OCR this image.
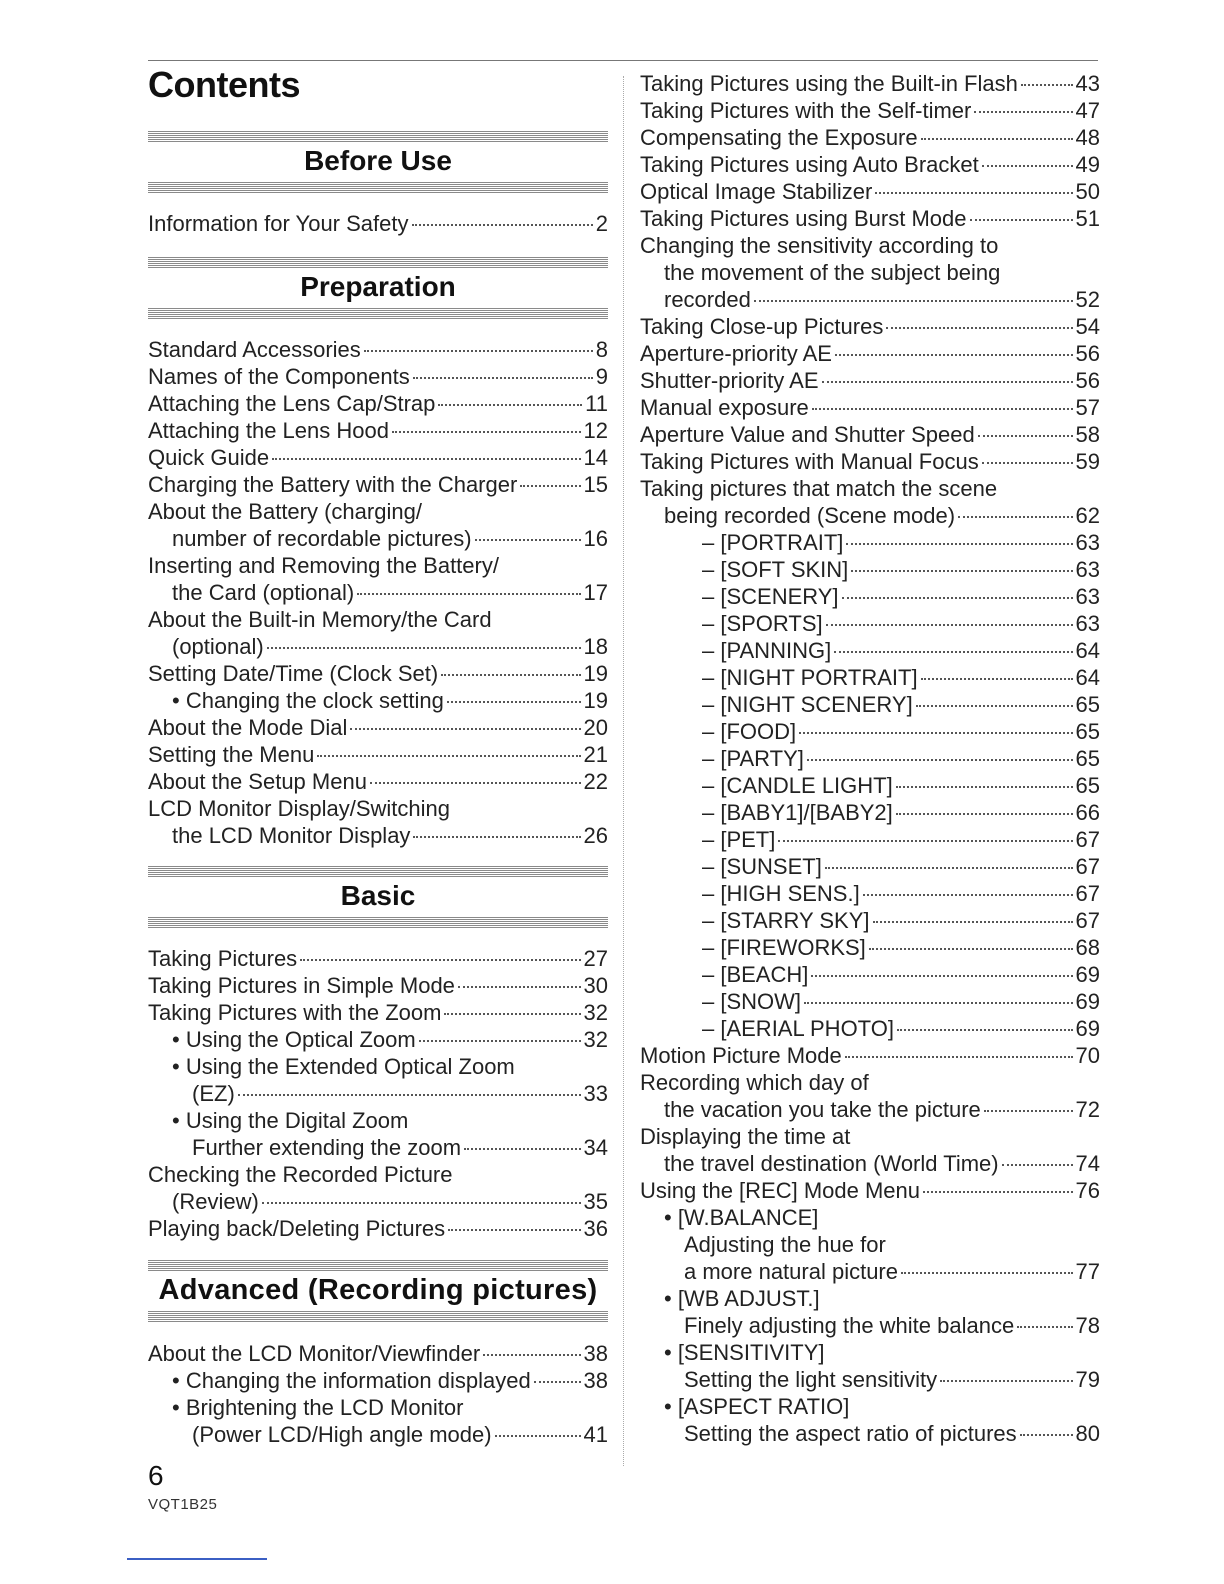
Contents
Before Use
Information for Your Safety	2
Preparation
Standard Accessories	8
Names of the Components	9
Attaching the Lens Cap/Strap	11
Attaching the Lens Hood	12
Quick Guide	14
Charging the Battery with the Charger	15
About the Battery (charging/
number of recordable pictures)	16
Inserting and Removing the Battery/
the Card (optional)	17
About the Built-in Memory/the Card
(optional)	18
Setting Date/Time (Clock Set)	19
• Changing the clock setting	19
About the Mode Dial	20
Setting the Menu	21
About the Setup Menu	22
LCD Monitor Display/Switching
the LCD Monitor Display	26
Basic
Taking Pictures	27
Taking Pictures in Simple Mode	30
Taking Pictures with the Zoom	32
• Using the Optical Zoom	32
• Using the Extended Optical Zoom
(EZ)	33
• Using the Digital Zoom
Further extending the zoom	34
Checking the Recorded Picture
(Review)	35
Playing back/Deleting Pictures	36
Advanced (Recording pictures)
About the LCD Monitor/Viewfinder	38
• Changing the information displayed 38
• Brightening the LCD Monitor
(Power LCD/High angle mode)	41
Taking Pictures using the Built-in Flash	43
Taking Pictures with the Self-timer	47
Compensating the Exposure	48
Taking Pictures using Auto Bracket	49
Optical Image Stabilizer	50
Taking Pictures using Burst Mode	51
Changing the sensitivity according to
the movement of the subject being
recorded	52
Taking Close-up Pictures	54
Aperture-priority AE	56
Shutter-priority AE	56
Manual exposure	57
Aperture Value and Shutter Speed	58
Taking Pictures with Manual Focus	59
Taking pictures that match the scene
being recorded (Scene mode)	62
– [PORTRAIT]	63
– [SOFT SKIN]	63
– [SCENERY]	63
– [SPORTS]	63
– [PANNING]	64
– [NIGHT PORTRAIT]	64
– [NIGHT SCENERY]	65
– [FOOD]	65
– [PARTY]	65
– [CANDLE LIGHT]	65
– [BABY1]/[BABY2]	66
– [PET]	67
– [SUNSET]	67
– [HIGH SENS.]	67
– [STARRY SKY]	67
– [FIREWORKS]	68
– [BEACH]	69
– [SNOW]	69
– [AERIAL PHOTO]	69
Motion Picture Mode	70
Recording which day of
the vacation you take the picture	72
Displaying the time at
the travel destination (World Time)	74
Using the [REC] Mode Menu	76
• [W.BALANCE]
Adjusting the hue for
a more natural picture	77
• [WB ADJUST.]
Finely adjusting the white balance	78
• [SENSITIVITY]
Setting the light sensitivity	79
• [ASPECT RATIO]
Setting the aspect ratio of pictures	80
6
VQT1B25
